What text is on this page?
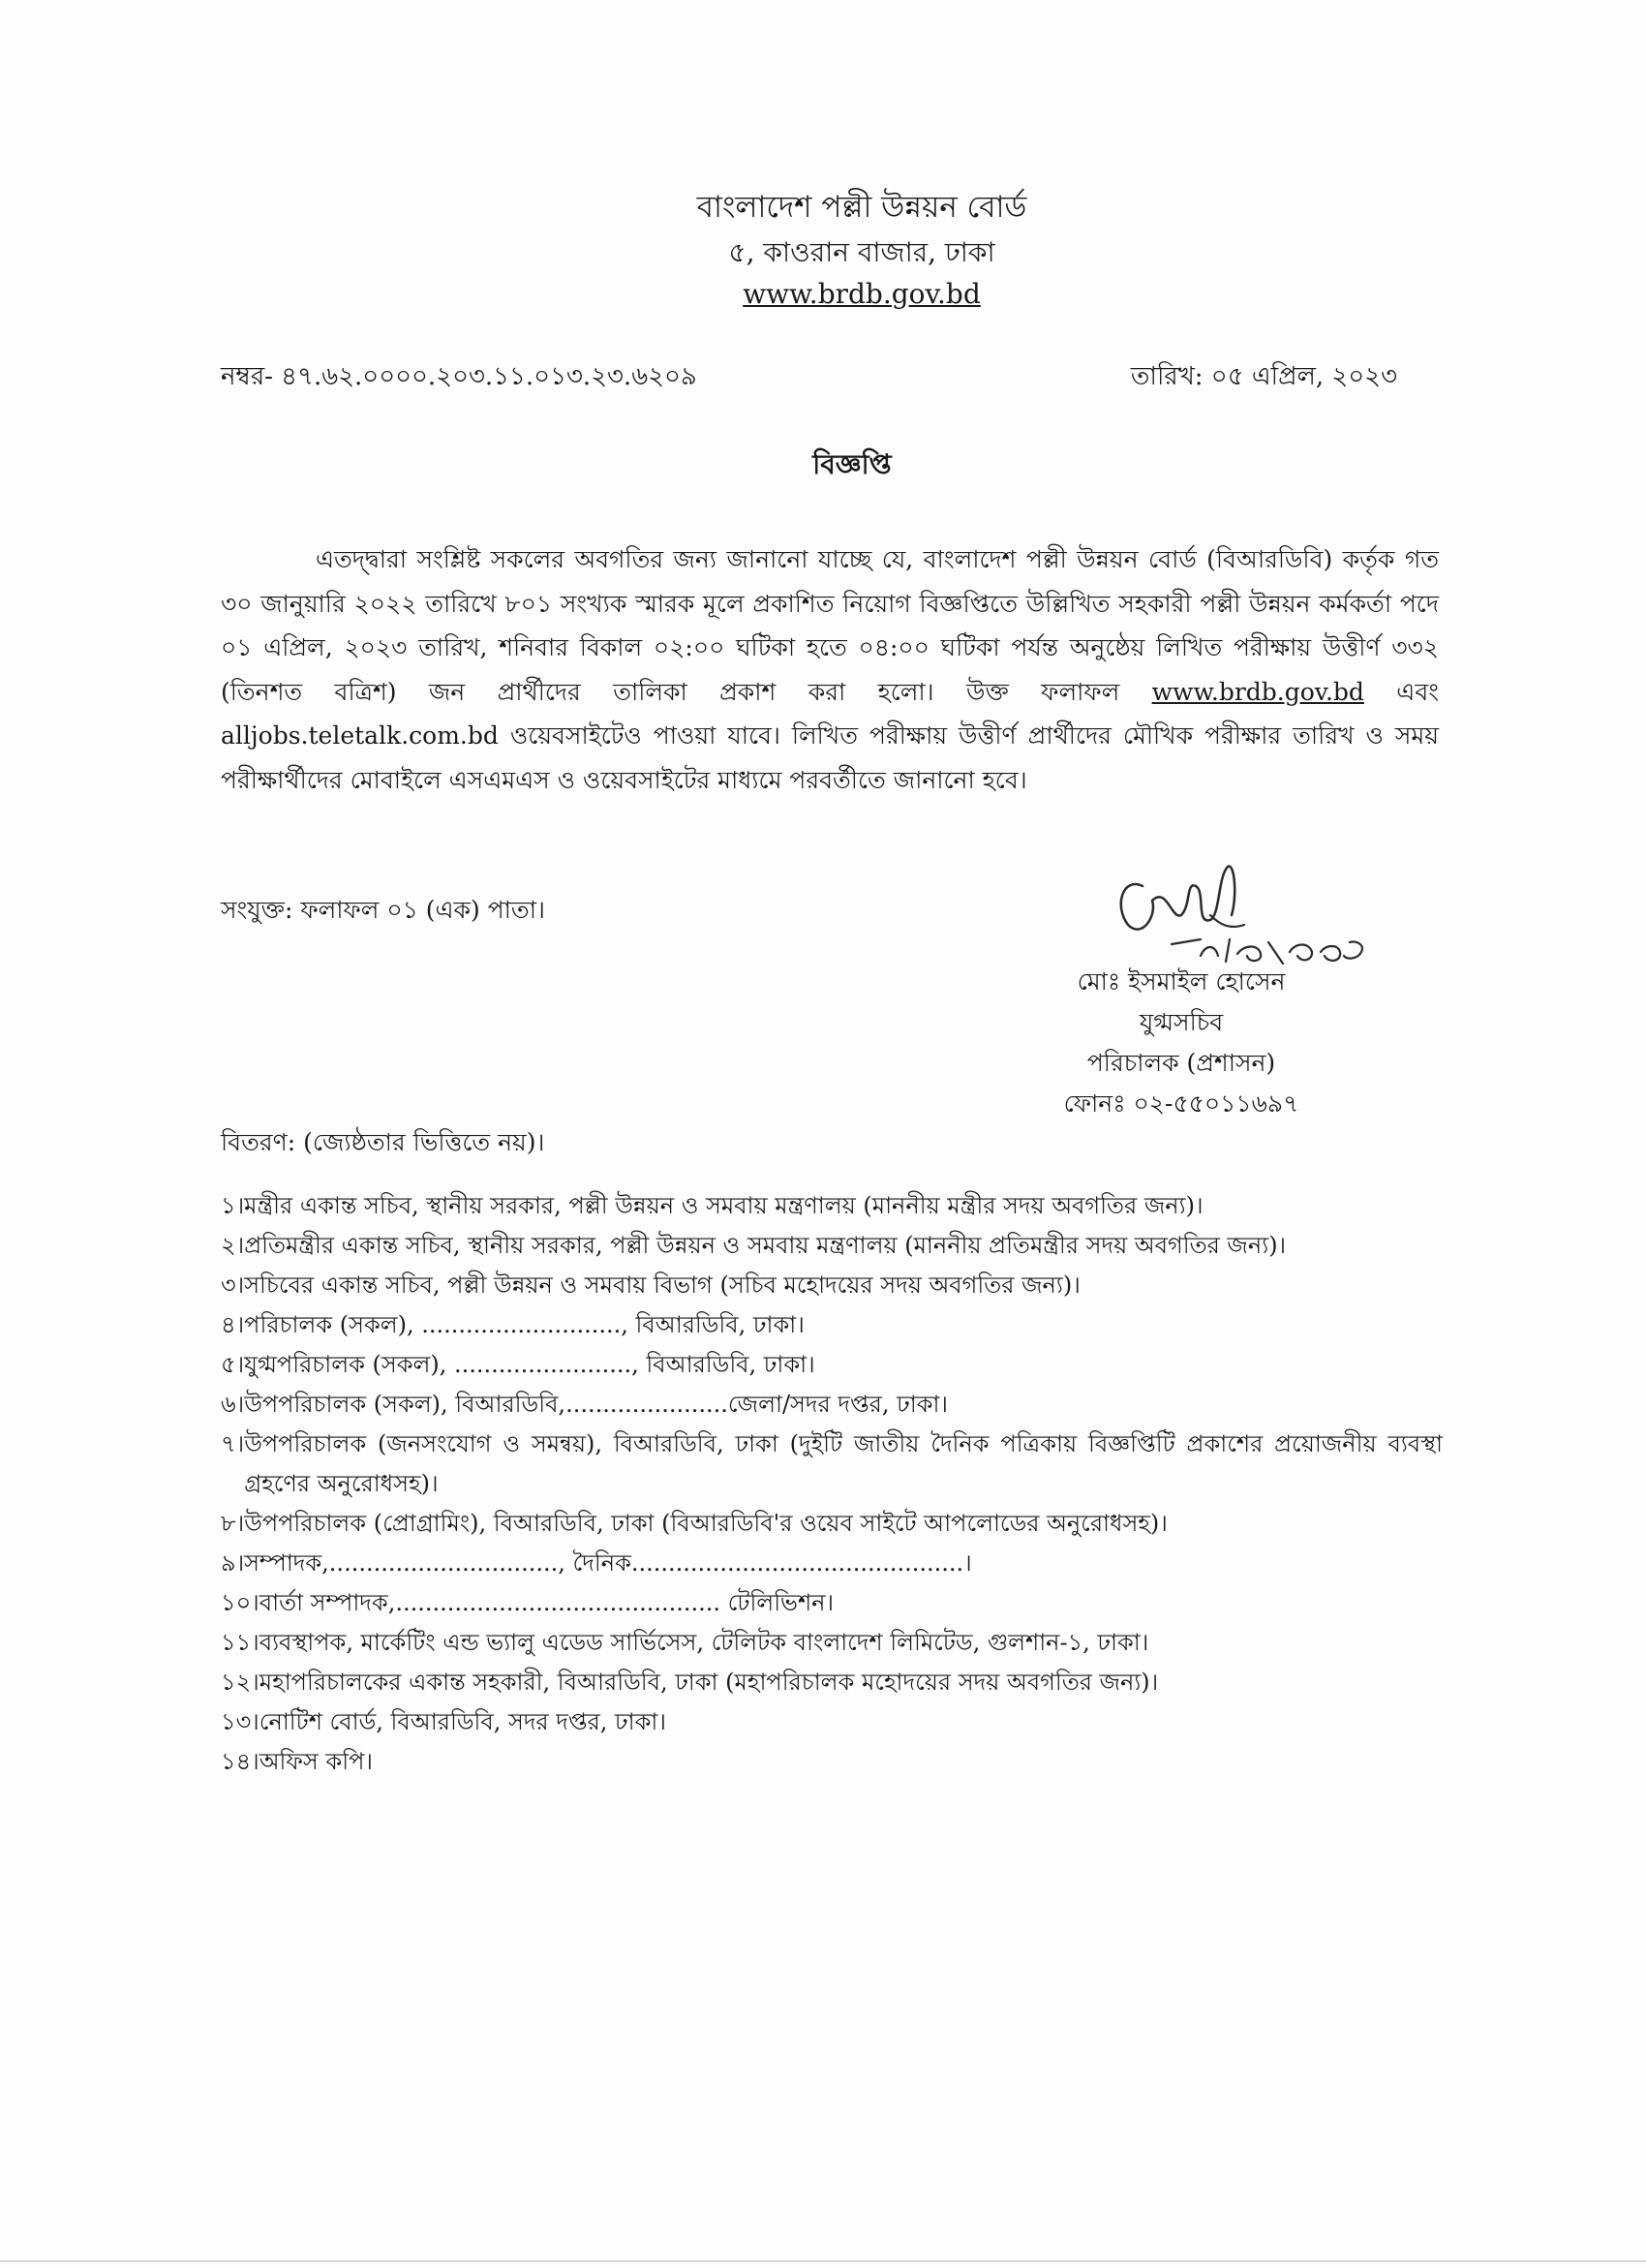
বাংলাদেশ পল্লী উন্নয়ন বোর্ড
৫, কাওরান বাজার, ঢাকা
www.brdb.gov.bd
নম্বর- ৪৭.৬২.০০০০.২০৩.১১.০১৩.২৩.৬২০৯	তারিখ: ০৫ এপ্রিল, ২০২৩
বিজ্ঞপ্তি

এতদ্দ্বারা সংশ্লিষ্ট সকলের অবগতির জন্য জানানো যাচ্ছে যে, বাংলাদেশ পল্লী উন্নয়ন বোর্ড (বিআরডিবি) কর্তৃক গত ৩০ জানুয়ারি ২০২২ তারিখে ৮০১ সংখ্যক স্মারক মূলে প্রকাশিত নিয়োগ বিজ্ঞপ্তিতে উল্লিখিত সহকারী পল্লী উন্নয়ন কর্মকর্তা পদে ০১ এপ্রিল, ২০২৩ তারিখ, শনিবার বিকাল ০২:০০ ঘটিকা হতে ০৪:০০ ঘটিকা পর্যন্ত অনুষ্ঠেয় লিখিত পরীক্ষায় উত্তীর্ণ ৩৩২ (তিনশত বত্রিশ) জন প্রার্থীদের তালিকা প্রকাশ করা হলো। উক্ত ফলাফল www.brdb.gov.bd এবং alljobs.teletalk.com.bd ওয়েবসাইটেও পাওয়া যাবে। লিখিত পরীক্ষায় উত্তীর্ণ প্রার্থীদের মৌখিক পরীক্ষার তারিখ ও সময় পরীক্ষার্থীদের মোবাইলে এসএমএস ও ওয়েবসাইটের মাধ্যমে পরবর্তীতে জানানো হবে।

সংযুক্ত: ফলাফল ০১ (এক) পাতা।
মোঃ ইসমাইল হোসেন
যুগ্মসচিব
পরিচালক (প্রশাসন)
ফোনঃ ০২-৫৫০১১৬৯৭
বিতরণ: (জ্যেষ্ঠতার ভিত্তিতে নয়)।
১। মন্ত্রীর একান্ত সচিব, স্থানীয় সরকার, পল্লী উন্নয়ন ও সমবায় মন্ত্রণালয় (মাননীয় মন্ত্রীর সদয় অবগতির জন্য)।
২। প্রতিমন্ত্রীর একান্ত সচিব, স্থানীয় সরকার, পল্লী উন্নয়ন ও সমবায় মন্ত্রণালয় (মাননীয় প্রতিমন্ত্রীর সদয় অবগতির জন্য)।
৩। সচিবের একান্ত সচিব, পল্লী উন্নয়ন ও সমবায় বিভাগ (সচিব মহোদয়ের সদয় অবগতির জন্য)।
৪। পরিচালক (সকল), ..........................., বিআরডিবি, ঢাকা।
৫। যুগ্মপরিচালক (সকল), ........................, বিআরডিবি, ঢাকা।
৬। উপপরিচালক (সকল), বিআরডিবি,......................জেলা/সদর দপ্তর, ঢাকা।
৭। উপপরিচালক (জনসংযোগ ও সমন্বয়), বিআরডিবি, ঢাকা (দুইটি জাতীয় দৈনিক পত্রিকায় বিজ্ঞপ্তিটি প্রকাশের প্রয়োজনীয় ব্যবস্থা গ্রহণের অনুরোধসহ)।
৮। উপপরিচালক (প্রোগ্রামিং), বিআরডিবি, ঢাকা (বিআরডিবি'র ওয়েব সাইটে আপলোডের অনুরোধসহ)।
৯। সম্পাদক,..............................., দৈনিক.............................................।
১০। বার্তা সম্পাদক,............................................ টেলিভিশন।
১১। ব্যবস্থাপক, মার্কেটিং এন্ড ভ্যালু এডেড সার্ভিসেস, টেলিটক বাংলাদেশ লিমিটেড, গুলশান-১, ঢাকা।
১২। মহাপরিচালকের একান্ত সহকারী, বিআরডিবি, ঢাকা (মহাপরিচালক মহোদয়ের সদয় অবগতির জন্য)।
১৩। নোটিশ বোর্ড, বিআরডিবি, সদর দপ্তর, ঢাকা।
১৪। অফিস কপি।
